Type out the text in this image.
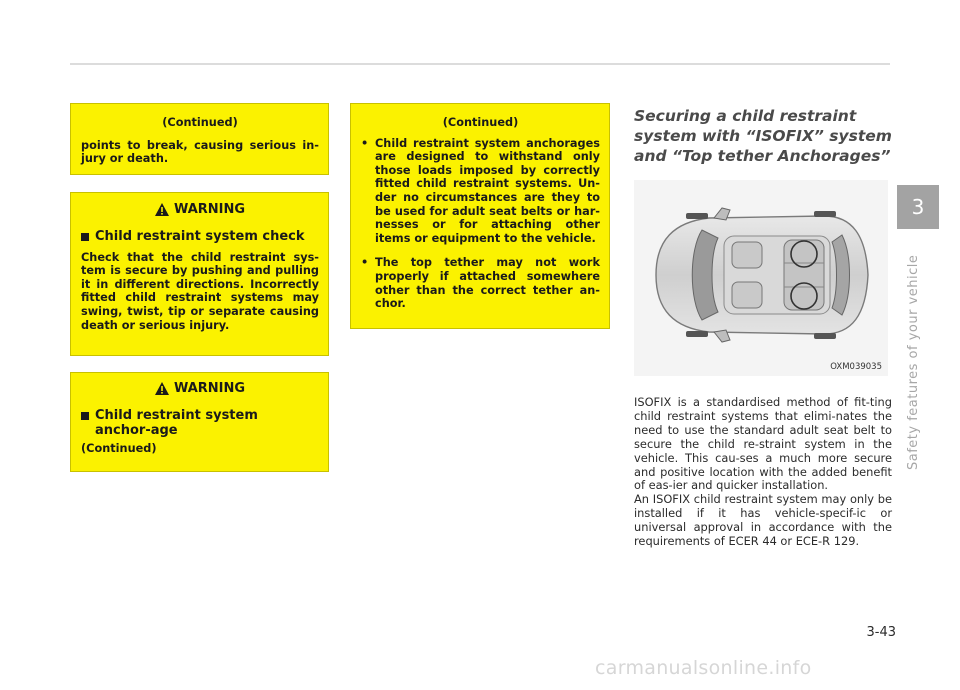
(Continued)
points to break, causing serious in-jury or death.
WARNING
Child restraint system check
Check that the child restraint sys-tem is secure by pushing and pulling it in different directions. Incorrectly fitted child restraint systems may swing, twist, tip or separate causing death or serious injury.
WARNING
Child restraint system anchor-age
(Continued)
(Continued)
• Child restraint system anchorages are designed to withstand only those loads imposed by correctly fitted child restraint systems. Un-der no circumstances are they to be used for adult seat belts or har-nesses or for attaching other items or equipment to the vehicle.
• The top tether may not work properly if attached somewhere other than the correct tether an-chor.
Securing a child restraint system with “ISOFIX” system and “Top tether Anchorages”
OXM039035

ISOFIX is a standardised method of fit-ting child restraint systems that elimi-nates the need to use the standard adult seat belt to secure the child re-straint system in the vehicle. This cau-ses a much more secure and positive location with the added benefit of eas-ier and quicker installation.

An ISOFIX child restraint system may only be installed if it has vehicle-specif-ic or universal approval in accordance with the requirements of ECER 44 or ECE-R 129.

3
Safety features of your vehicle
3-43
carmanualsonline.info
